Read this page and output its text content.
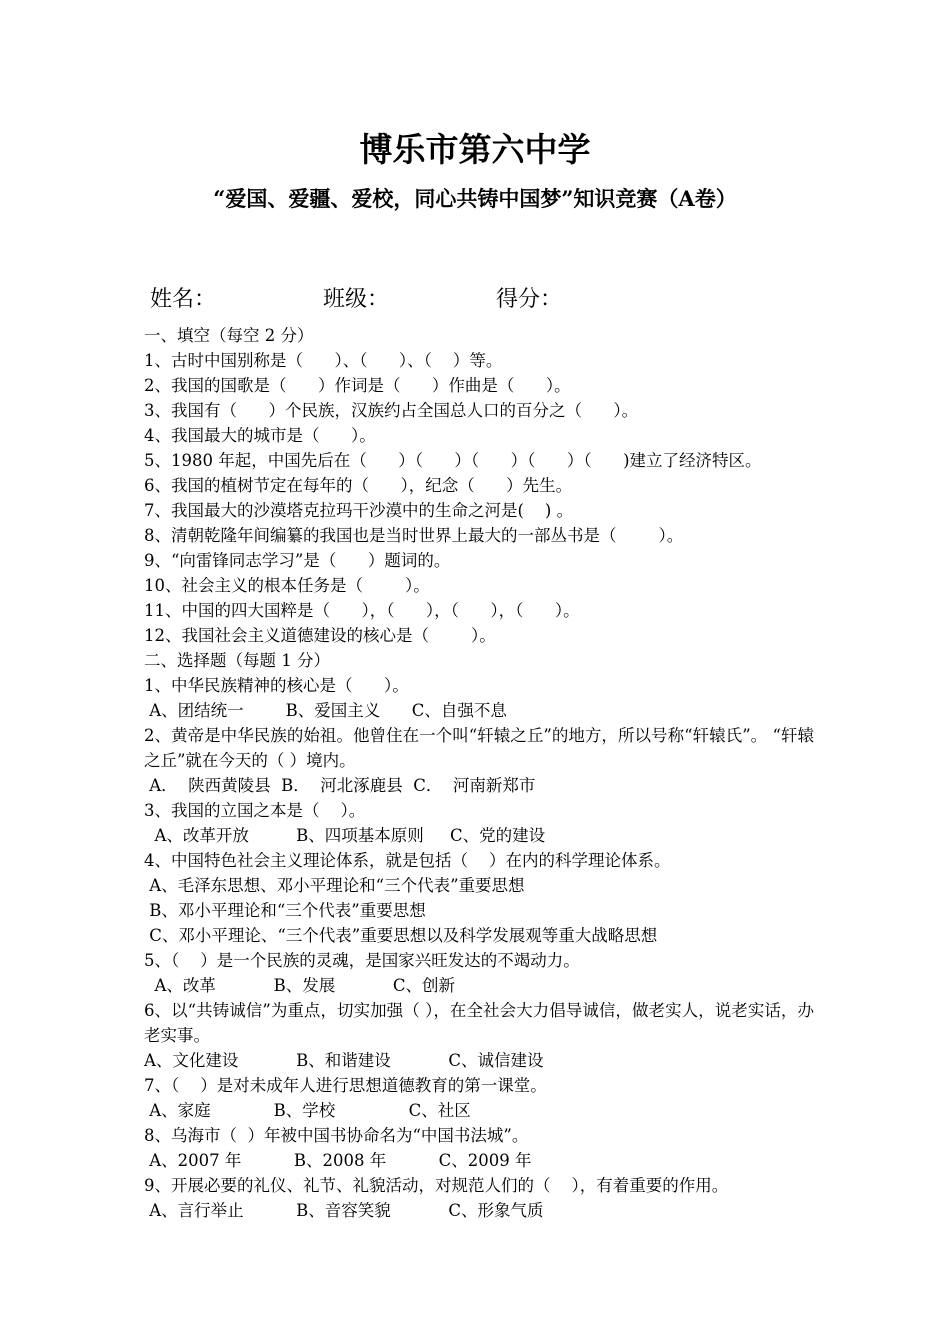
博乐市第六中学
“爱国、爱疆、爱校，同心共铸中国梦”知识竞赛（A卷）
姓名：	班级：	得分：
一、填空（每空 2 分）
1、古时中国别称是（      ）、（      ）、（    ）等。
2、我国的国歌是（      ）作词是（      ）作曲是（      ）。
3、我国有（      ）个民族，汉族约占全国总人口的百分之（      ）。
4、我国最大的城市是（      ）。
5、1980 年起，中国先后在（      ）（      ）（      ）（      ）（      )建立了经济特区。
6、我国的植树节定在每年的（      ），纪念（      ）先生。
7、我国最大的沙漠塔克拉玛干沙漠中的生命之河是(    ) 。
8、清朝乾隆年间编纂的我国也是当时世界上最大的一部丛书是（        ）。
9、“向雷锋同志学习”是（      ）题词的。
10、社会主义的根本任务是（        ）。
11、中国的四大国粹是（      ），（      ），（      ），（      ）。
12、我国社会主义道德建设的核心是（        ）。
二、选择题（每题 1 分）
1、中华民族精神的核心是（      ）。
A、团结统一        B、爱国主义      C、自强不息
2、黄帝是中华民族的始祖。他曾住在一个叫“轩辕之丘”的地方，所以号称“轩辕氏”。 “轩辕之丘”就在今天的（ ）境内。
A．  陕西黄陵县  B．  河北涿鹿县  C．  河南新郑市
3、我国的立国之本是（    ）。
A、改革开放         B、四项基本原则     C、党的建设
4、中国特色社会主义理论体系，就是包括（    ）在内的科学理论体系。
A、毛泽东思想、邓小平理论和“三个代表”重要思想
B、邓小平理论和“三个代表”重要思想
C、邓小平理论、“三个代表”重要思想以及科学发展观等重大战略思想
5、（    ）是一个民族的灵魂，是国家兴旺发达的不竭动力。
A、改革           B、发展           C、创新
6、以“共铸诚信”为重点，切实加强（ ），在全社会大力倡导诚信，做老实人，说老实话，办老实事。
A、文化建设           B、和谐建设           C、诚信建设
7、（    ）是对未成年人进行思想道德教育的第一课堂。
A、家庭            B、学校              C、社区
8、乌海市（  ）年被中国书协命名为“中国书法城”。
A、2007 年          B、2008 年          C、2009 年
9、开展必要的礼仪、礼节、礼貌活动，对规范人们的（    ），有着重要的作用。
A、言行举止          B、音容笑貌           C、形象气质
